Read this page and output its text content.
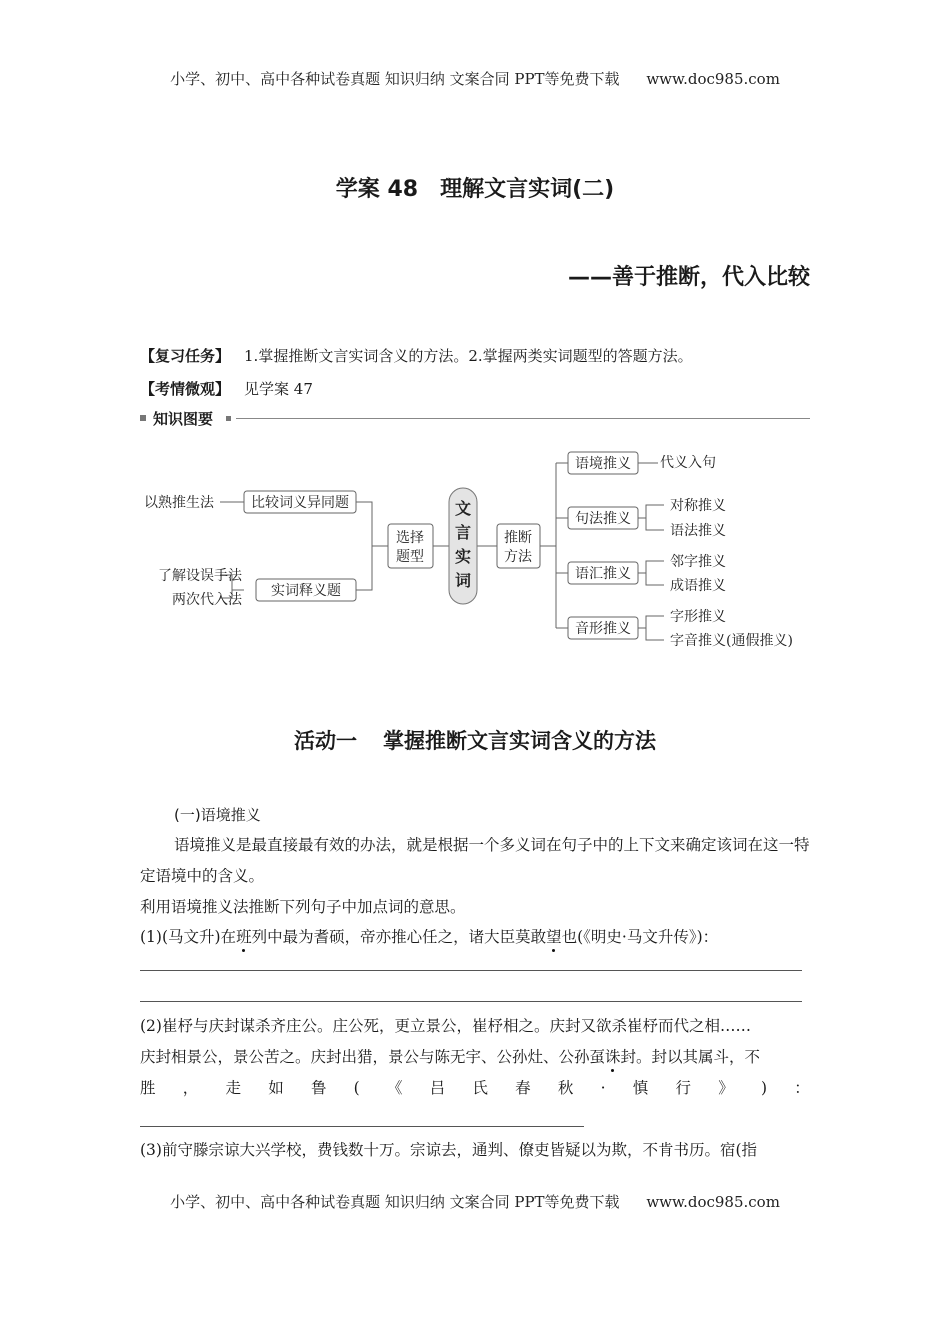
小学、初中、高中各种试卷真题 知识归纳 文案合同 PPT等免费下载 www.doc985.com
学案 48 理解文言实词(二)
——善于推断，代入比较
【复习任务】 1.掌握推断文言实词含义的方法。2.掌握两类实词题型的答题方法。
【考情微观】 见学案 47
知识图要
以熟推生法	比较词义异同题
了解设误手法
两次代入法
实词释义题
选择
题型
推断
方法
文
言
实
词
语境推义
句法推义
语汇推义
音形推义
代义入句
对称推义
语法推义
邻字推义
成语推义
字形推义
字音推义(通假推义)
活动一 掌握推断文言实词含义的方法
(一)语境推义
语境推义是最直接最有效的办法，就是根据一个多义词在句子中的上下文来确定该词在这一特定语境中的含义。
利用语境推义法推断下列句子中加点词的意思。
(1)(马文升)在班列中最为耆硕，帝亦推心任之，诸大臣莫敢望也(《明史·马文升传》)：
(2)崔杼与庆封谋杀齐庄公。庄公死，更立景公，崔杼相之。庆封又欲杀崔杼而代之相……
庆封相景公，景公苦之。庆封出猎，景公与陈无宇、公孙灶、公孙虿诛封。封以其属斗，不
胜 ， 走 如 鲁 ( 《 吕 氏 春 秋 · 慎 行 》 ) ：
(3)前守滕宗谅大兴学校，费钱数十万。宗谅去，通判、僚吏皆疑以为欺，不肯书历。宿(指
小学、初中、高中各种试卷真题 知识归纳 文案合同 PPT等免费下载 www.doc985.com
